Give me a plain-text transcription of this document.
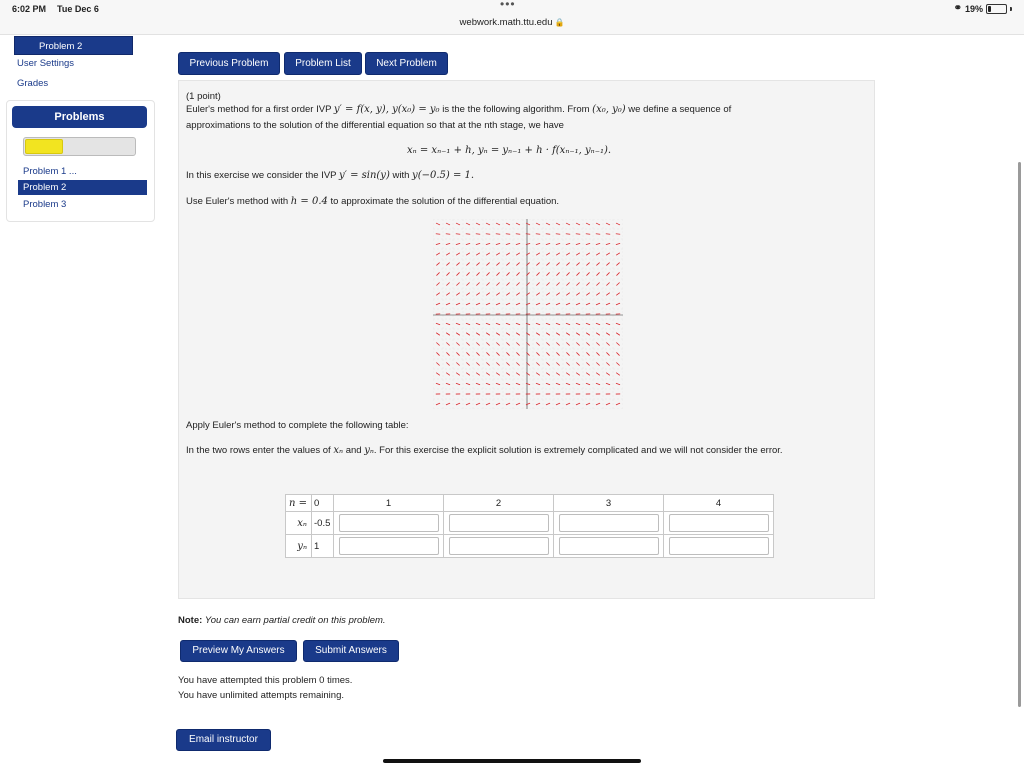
6:02 PM Tue Dec 6	•••
webwork.math.ttu.edu 🔒
⚭ 19%
Problem 2
User Settings
Grades
Problems
Problem 1 ...
Problem 2
Problem 3
Previous Problem	Problem List	Next Problem
(1 point)
Euler's method for a first order IVP y′ = f(x, y), y(x₀) = y₀ is the the following algorithm. From (x₀, y₀) we define a sequence of
approximations to the solution of the differential equation so that at the nth stage, we have
xₙ = xₙ₋₁ + h, yₙ = yₙ₋₁ + h · f(xₙ₋₁, yₙ₋₁).
In this exercise we consider the IVP y′ = sin(y) with y(−0.5) = 1.
Use Euler's method with h = 0.4 to approximate the solution of the differential equation.
Apply Euler's method to complete the following table:
In the two rows enter the values of xₙ and yₙ. For this exercise the explicit solution is extremely complicated and we will not consider the error.
n =	0	1	2	3	4
xₙ	-0.5				
yₙ	1				
Note: You can earn partial credit on this problem.
Preview My Answers	Submit Answers
You have attempted this problem 0 times.
You have unlimited attempts remaining.
Email instructor
